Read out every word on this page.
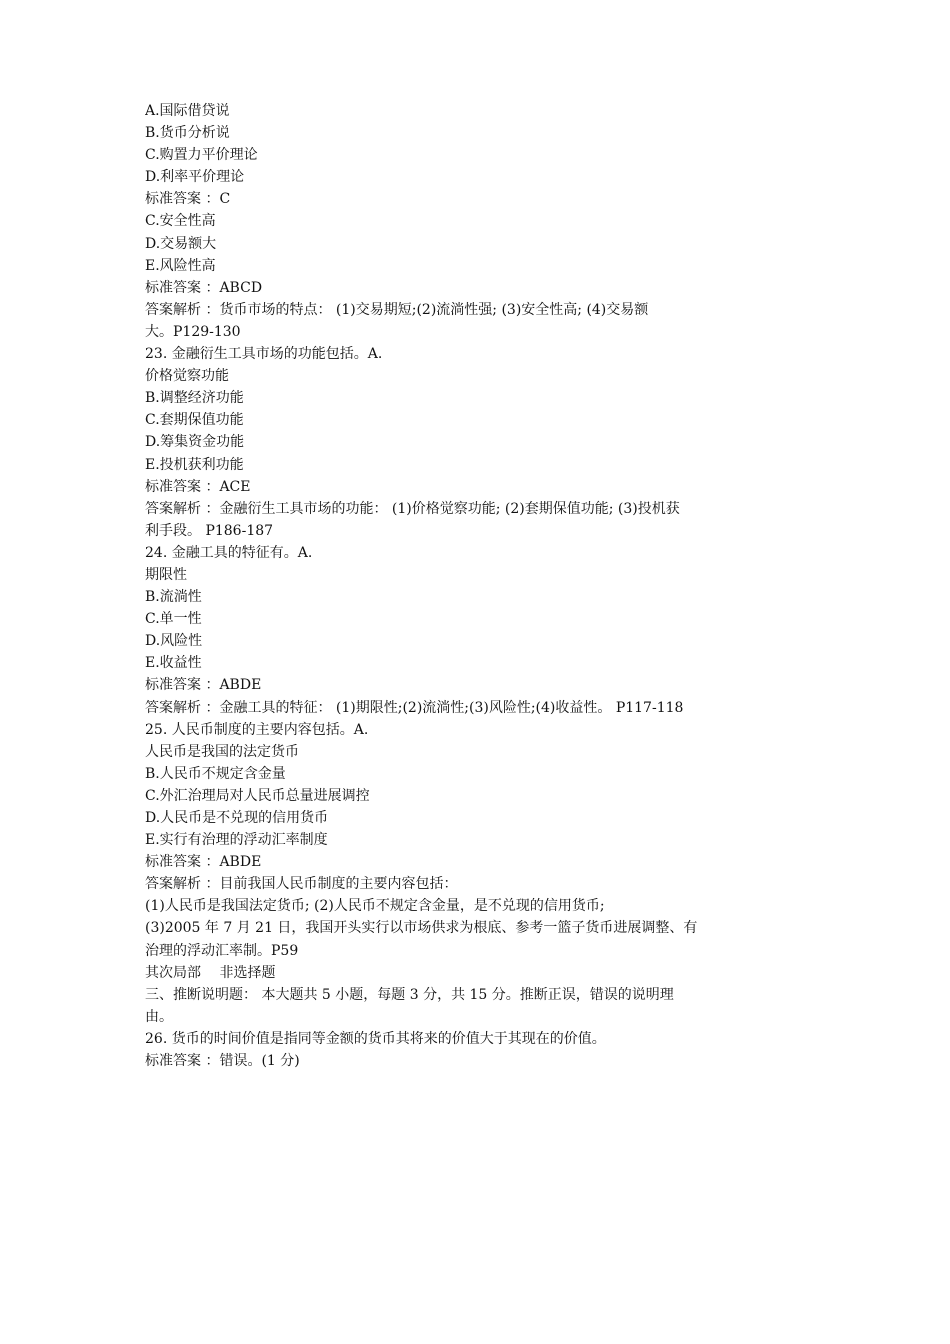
A.国际借贷说
B.货币分析说
C.购置力平价理论
D.利率平价理论
标准答案 ：C
C.安全性高
D.交易额大
E.风险性高
标准答案 ：ABCD
答案解析 ：货币市场的特点： (1)交易期短;(2)流淌性强; (3)安全性高; (4)交易额
大。P129-130
23. 金融衍生工具市场的功能包括。A.
价格觉察功能
B.调整经济功能
C.套期保值功能
D.筹集资金功能
E.投机获利功能
标准答案 ：ACE
答案解析 ：金融衍生工具市场的功能： (1)价格觉察功能; (2)套期保值功能; (3)投机获
利手段。 P186-187
24. 金融工具的特征有。A.
期限性
B.流淌性
C.单一性
D.风险性
E.收益性
标准答案 ：ABDE
答案解析 ：金融工具的特征： (1)期限性;(2)流淌性;(3)风险性;(4)收益性。 P117-118
25. 人民币制度的主要内容包括。A.
人民币是我国的法定货币
B.人民币不规定含金量
C.外汇治理局对人民币总量进展调控
D.人民币是不兑现的信用货币
E.实行有治理的浮动汇率制度
标准答案 ：ABDE
答案解析 ：目前我国人民币制度的主要内容包括：
(1)人民币是我国法定货币; (2)人民币不规定含金量，是不兑现的信用货币;
(3)2005 年 7 月 21 日，我国开头实行以市场供求为根底、参考一篮子货币进展调整、有
治理的浮动汇率制。P59
其次局部　 非选择题
三、推断说明题： 本大题共 5 小题，每题 3 分，共 15 分。推断正误，错误的说明理
由。
26. 货币的时间价值是指同等金额的货币其将来的价值大于其现在的价值。
标准答案 ：错误。(1 分)
